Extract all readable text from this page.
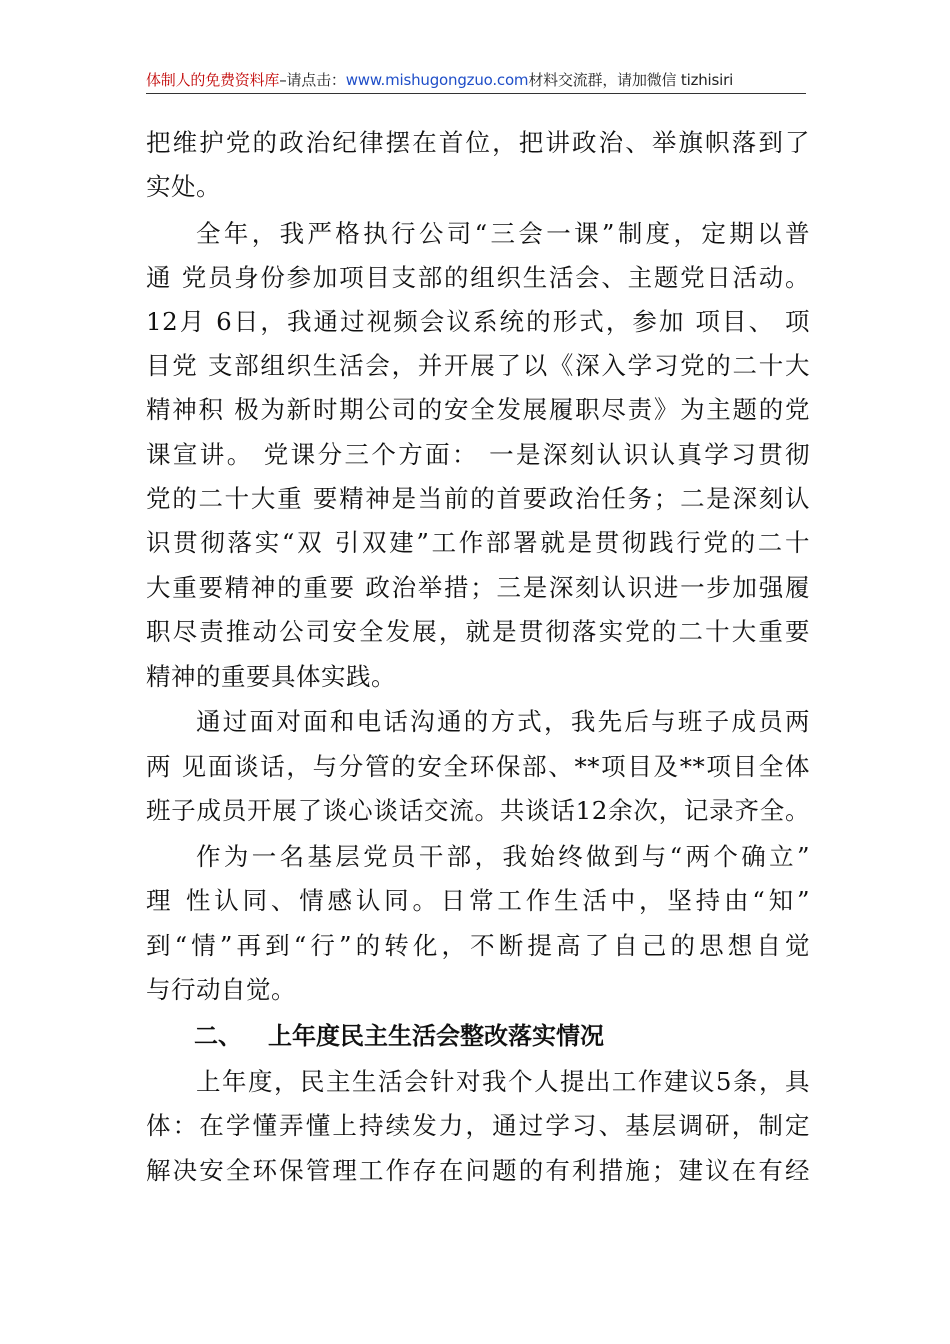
体制人的免费资料库–请点击：www.mishugongzuo.com材料交流群，请加微信 tizhisiri
把维护党的政治纪律摆在首位，把讲政治、举旗帜落到了
实处。
全年，我严格执行公司“三会一课”制度，定期以普
通 党员身份参加项目支部的组织生活会、主题党日活动。
12月 6日，我通过视频会议系统的形式，参加 项目、 项
目党 支部组织生活会，并开展了以《深入学习党的二十大
精神积 极为新时期公司的安全发展履职尽责》为主题的党
课宣讲。 党课分三个方面： 一是深刻认识认真学习贯彻
党的二十大重 要精神是当前的首要政治任务；二是深刻认
识贯彻落实“双 引双建”工作部署就是贯彻践行党的二十
大重要精神的重要 政治举措；三是深刻认识进一步加强履
职尽责推动公司安全发展，就是贯彻落实党的二十大重要
精神的重要具体实践。
通过面对面和电话沟通的方式，我先后与班子成员两
两 见面谈话，与分管的安全环保部、**项目及**项目全体
班子成员开展了谈心谈话交流。共谈话12余次，记录齐全。
作为一名基层党员干部，我始终做到与“两个确立”
理 性认同、情感认同。日常工作生活中，坚持由“知”
到“情”再到“行”的转化，不断提高了自己的思想自觉
与行动自觉。
二、 上年度民主生活会整改落实情况
上年度，民主生活会针对我个人提出工作建议5条，具
体：在学懂弄懂上持续发力，通过学习、基层调研，制定
解决安全环保管理工作存在问题的有利措施；建议在有经
